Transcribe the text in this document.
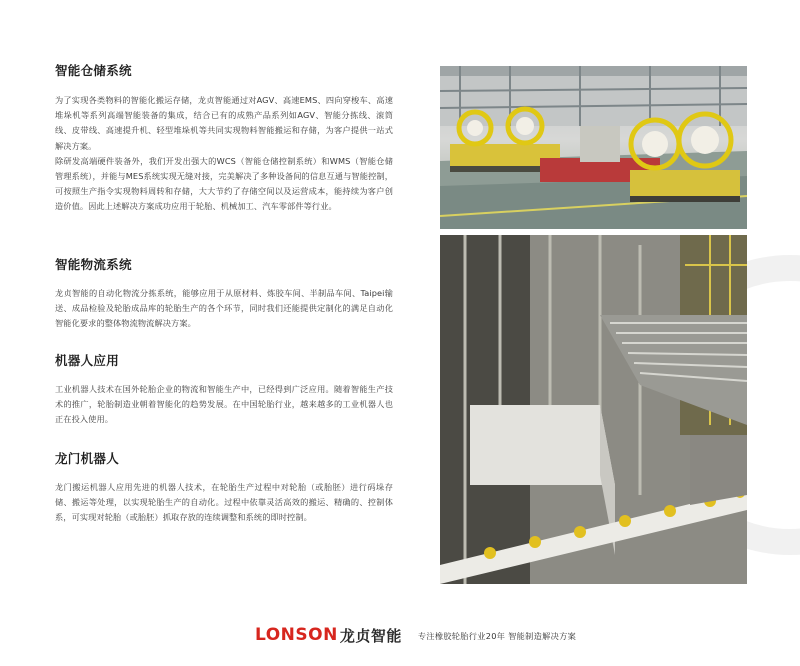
智能仓储系统

为了实现各类物料的智能化搬运存储，龙贞智能通过对AGV、高速EMS、四向穿梭车、高速堆垛机等系列高端智能装备的集成，结合已有的成熟产品系列如AGV、智能分拣线、滚筒线、皮带线、高速提升机、轻型堆垛机等共同实现物料智能搬运和存储，为客户提供一站式解决方案。

除研发高端硬件装备外，我们开发出强大的WCS（智能仓储控制系统）和WMS（智能仓储管理系统），并能与MES系统实现无缝对接，完美解决了多种设备间的信息互通与智能控制，可按照生产指令实现物料周转和存储，大大节约了存储空间以及运营成本，能持续为客户创造价值。因此上述解决方案成功应用于轮胎、机械加工、汽车零部件等行业。

智能物流系统

龙贞智能的自动化物流分拣系统，能够应用于从原材料、炼胶车间、半制品车间、Taipei输送、成品检验及轮胎成品库的轮胎生产的各个环节，同时我们还能提供定制化的满足自动化智能化要求的整体物流物流解决方案。

机器人应用

工业机器人技术在国外轮胎企业的物流和智能生产中，已经得到广泛应用。随着智能生产技术的推广，轮胎制造业朝着智能化的趋势发展。在中国轮胎行业，越来越多的工业机器人也正在投入使用。

龙门机器人

龙门搬运机器人应用先进的机器人技术，在轮胎生产过程中对轮胎（或胎胚）进行码垛存储、搬运等处理，以实现轮胎生产的自动化。过程中依靠灵活高效的搬运、精确的、控制体系，可实现对轮胎（或胎胚）抓取存放的连续调整和系统的即时控制。

LONSON 龙贞智能 专注橡胶轮胎行业20年 智能制造解决方案
